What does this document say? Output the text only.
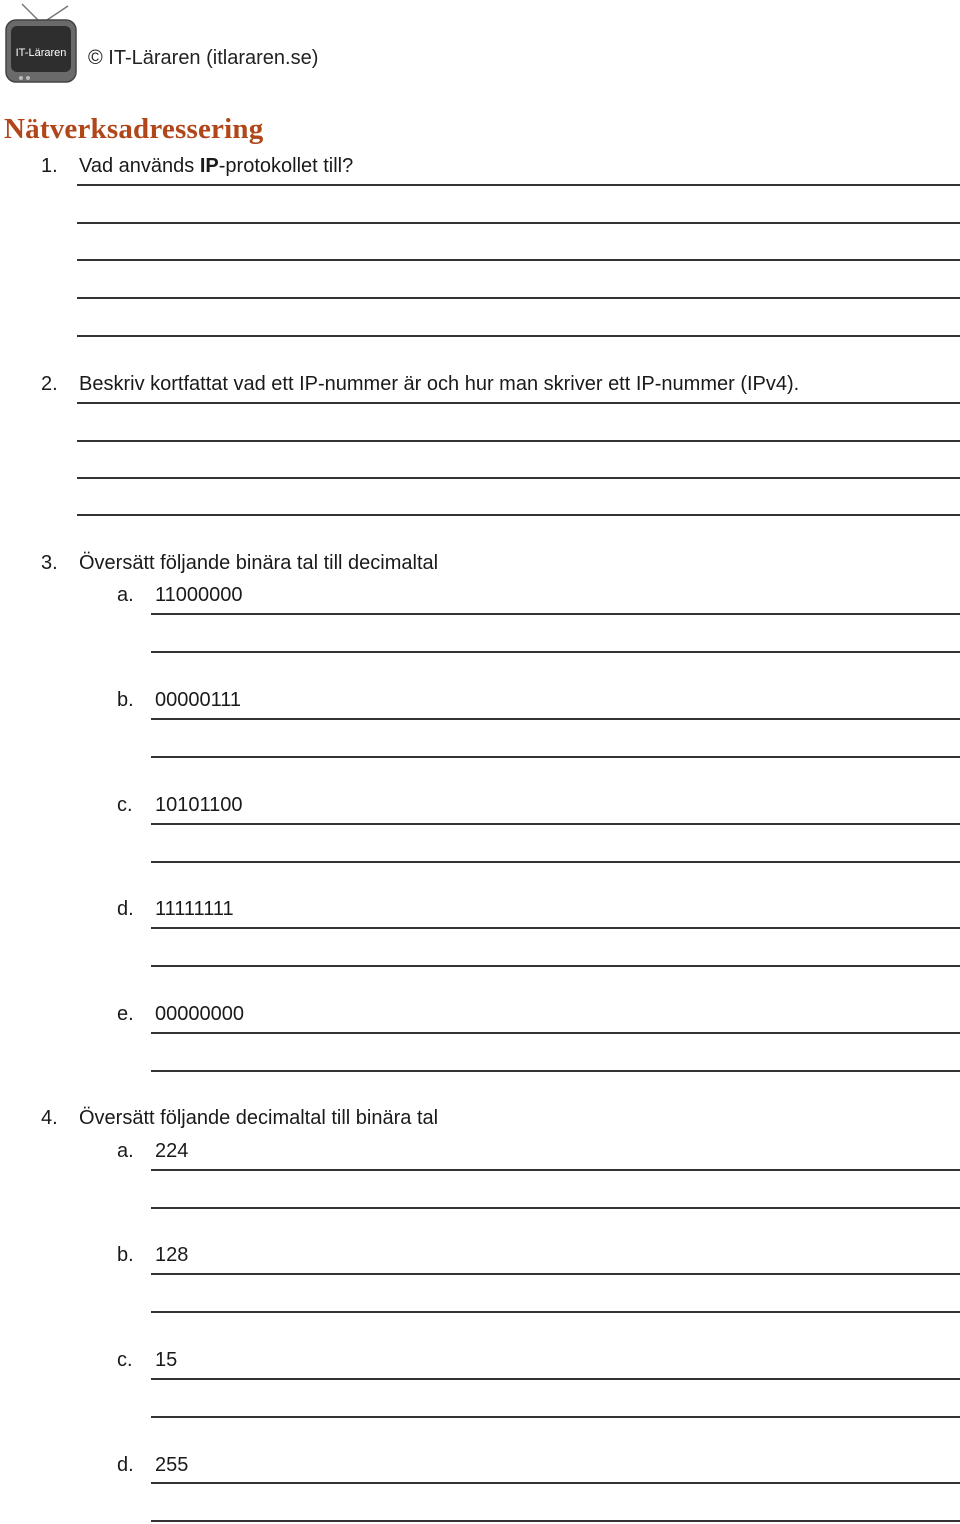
IT-Läraren © IT-Läraren (itlararen.se)
Nätverksadressering
1. Vad används IP-protokollet till?
2. Beskriv kortfattat vad ett IP-nummer är och hur man skriver ett IP-nummer (IPv4).
3. Översätt följande binära tal till decimaltal
a. 11000000
b. 00000111
c. 10101100
d. 11111111
e. 00000000
4. Översätt följande decimaltal till binära tal
a. 224
b. 128
c. 15
d. 255
